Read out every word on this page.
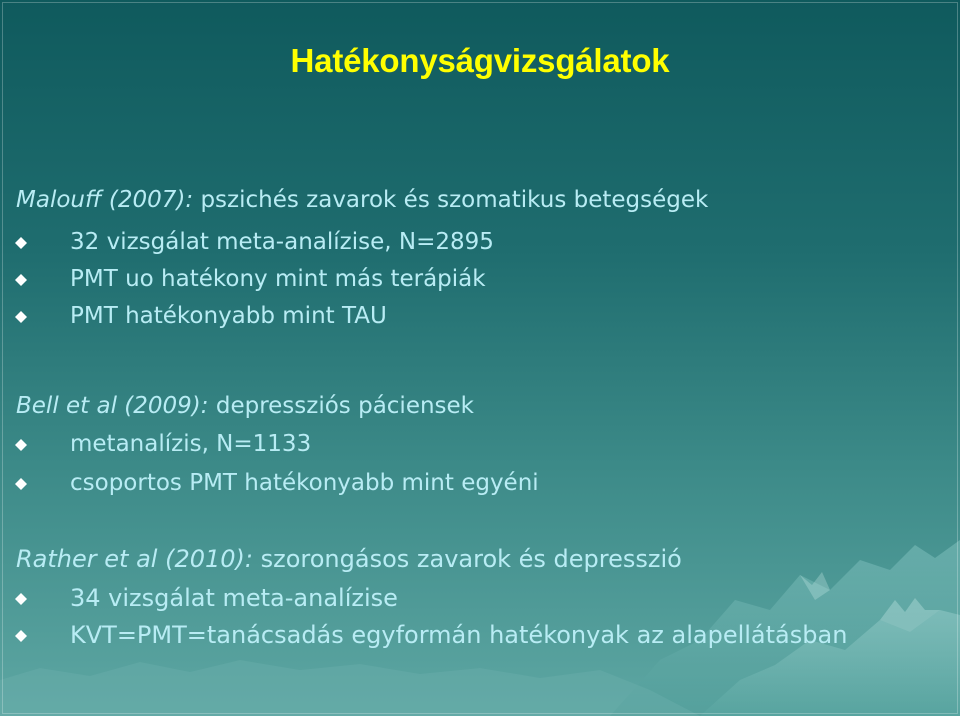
Hatékonyságvizsgálatok
Malouff (2007): pszichés zavarok és szomatikus betegségek
32 vizsgálat meta-analízise, N=2895
PMT uo hatékony mint más terápiák
PMT hatékonyabb mint TAU
Bell et al (2009): depressziós páciensek
metanalízis, N=1133
csoportos PMT hatékonyabb mint egyéni
Rather et al (2010): szorongásos zavarok és depresszió
34 vizsgálat meta-analízise
KVT=PMT=tanácsadás egyformán hatékonyak az alapellátásban
